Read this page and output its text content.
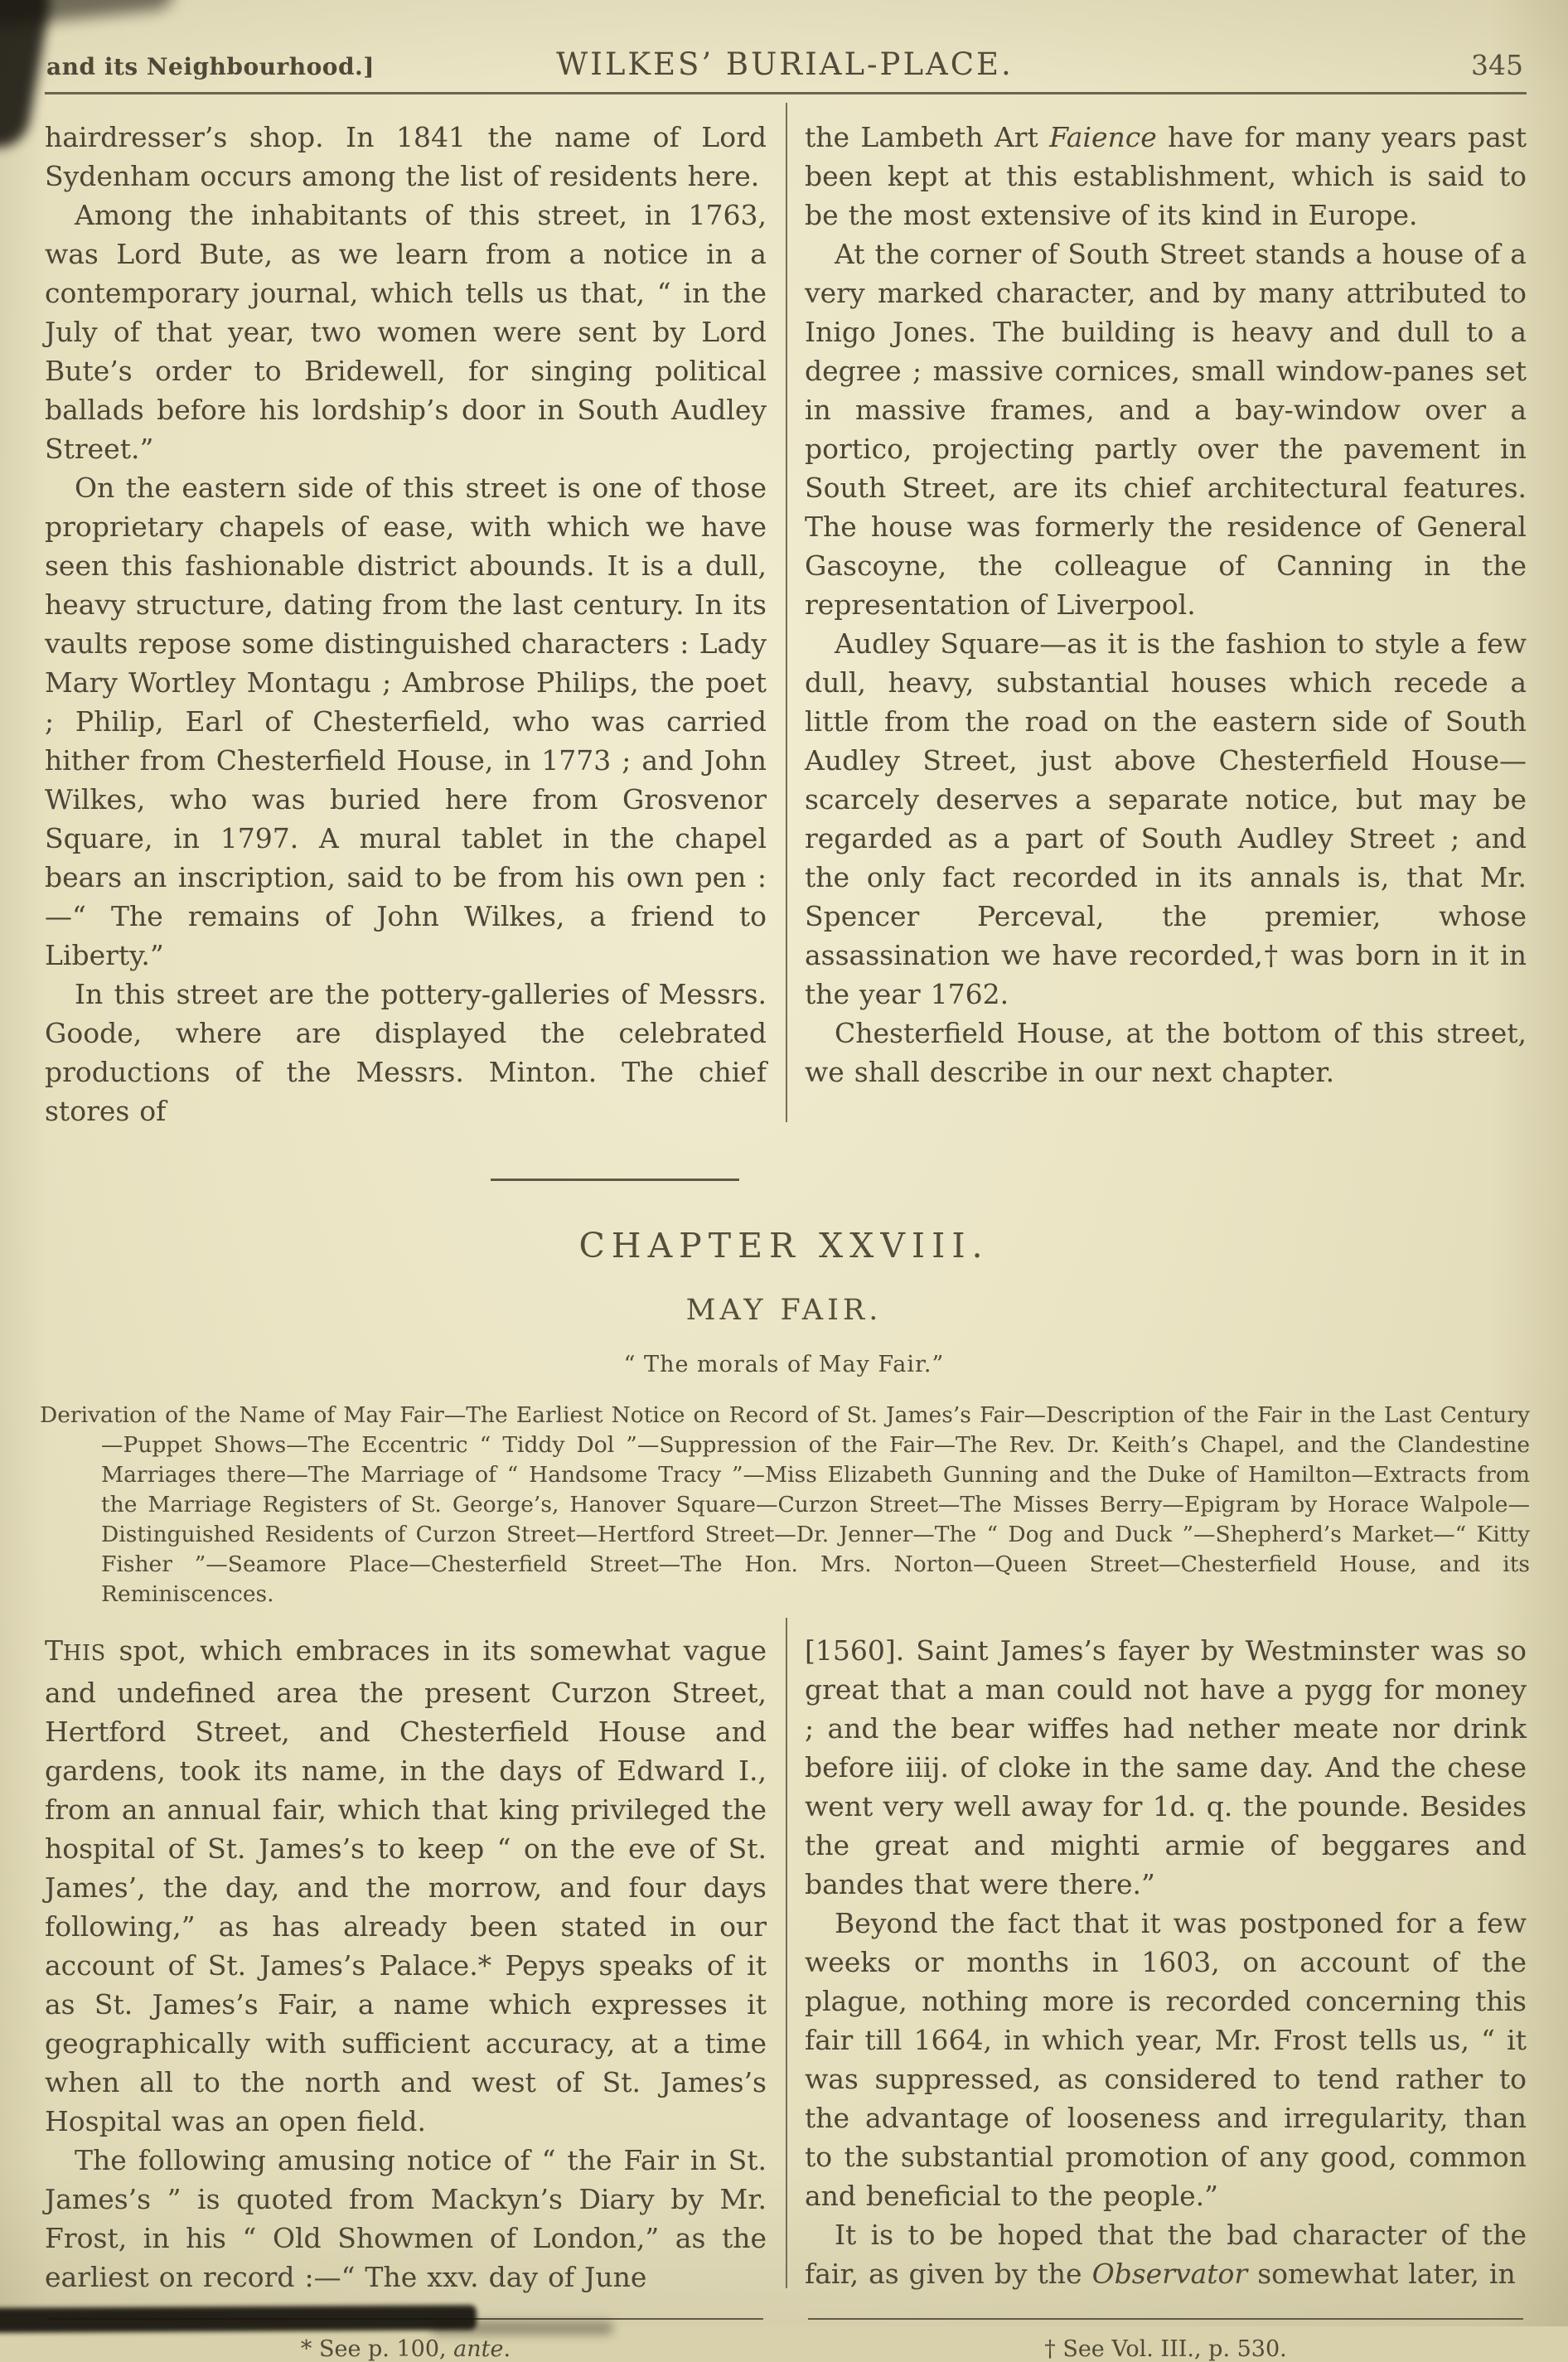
and its Neighbourhood.]	WILKES’ BURIAL-PLACE.	345

hairdresser’s shop. In 1841 the name of Lord Sydenham occurs among the list of residents here.

Among the inhabitants of this street, in 1763, was Lord Bute, as we learn from a notice in a contemporary journal, which tells us that, “ in the July of that year, two women were sent by Lord Bute’s order to Bridewell, for singing political ballads before his lordship’s door in South Audley Street.”

On the eastern side of this street is one of those proprietary chapels of ease, with which we have seen this fashionable district abounds. It is a dull, heavy structure, dating from the last century. In its vaults repose some distinguished characters : Lady Mary Wortley Montagu ; Ambrose Philips, the poet ; Philip, Earl of Chesterfield, who was carried hither from Chesterfield House, in 1773 ; and John Wilkes, who was buried here from Grosvenor Square, in 1797. A mural tablet in the chapel bears an inscription, said to be from his own pen :—“ The remains of John Wilkes, a friend to Liberty.”

In this street are the pottery-galleries of Messrs. Goode, where are displayed the celebrated productions of the Messrs. Minton. The chief stores of

the Lambeth Art Faience have for many years past been kept at this establishment, which is said to be the most extensive of its kind in Europe.

At the corner of South Street stands a house of a very marked character, and by many attributed to Inigo Jones. The building is heavy and dull to a degree ; massive cornices, small window-panes set in massive frames, and a bay-window over a portico, projecting partly over the pavement in South Street, are its chief architectural features. The house was formerly the residence of General Gascoyne, the colleague of Canning in the representation of Liverpool.

Audley Square—as it is the fashion to style a few dull, heavy, substantial houses which recede a little from the road on the eastern side of South Audley Street, just above Chesterfield House—scarcely deserves a separate notice, but may be regarded as a part of South Audley Street ; and the only fact recorded in its annals is, that Mr. Spencer Perceval, the premier, whose assassination we have recorded,† was born in it in the year 1762.

Chesterfield House, at the bottom of this street, we shall describe in our next chapter.

CHAPTER XXVIII.
MAY FAIR.
“ The morals of May Fair.”

Derivation of the Name of May Fair—The Earliest Notice on Record of St. James’s Fair—Description of the Fair in the Last Century—Puppet Shows—The Eccentric “ Tiddy Dol ”—Suppression of the Fair—The Rev. Dr. Keith’s Chapel, and the Clandestine Marriages there—The Marriage of “ Handsome Tracy ”—Miss Elizabeth Gunning and the Duke of Hamilton—Extracts from the Marriage Registers of St. George’s, Hanover Square—Curzon Street—The Misses Berry—Epigram by Horace Walpole—Distinguished Residents of Curzon Street—Hertford Street—Dr. Jenner—The “ Dog and Duck ”—Shepherd’s Market—“ Kitty Fisher ”—Seamore Place—Chesterfield Street—The Hon. Mrs. Norton—Queen Street—Chesterfield House, and its Reminiscences.

THIS spot, which embraces in its somewhat vague and undefined area the present Curzon Street, Hertford Street, and Chesterfield House and gardens, took its name, in the days of Edward I., from an annual fair, which that king privileged the hospital of St. James’s to keep “ on the eve of St. James’, the day, and the morrow, and four days following,” as has already been stated in our account of St. James’s Palace.* Pepys speaks of it as St. James’s Fair, a name which expresses it geographically with sufficient accuracy, at a time when all to the north and west of St. James’s Hospital was an open field.

The following amusing notice of “ the Fair in St. James’s ” is quoted from Mackyn’s Diary by Mr. Frost, in his “ Old Showmen of London,” as the earliest on record :—“ The xxv. day of June

[1560]. Saint James’s fayer by Westminster was so great that a man could not have a pygg for money ; and the bear wiffes had nether meate nor drink before iiij. of cloke in the same day. And the chese went very well away for 1d. q. the pounde. Besides the great and mighti armie of beggares and bandes that were there.”

Beyond the fact that it was postponed for a few weeks or months in 1603, on account of the plague, nothing more is recorded concerning this fair till 1664, in which year, Mr. Frost tells us, “ it was suppressed, as considered to tend rather to the advantage of looseness and irregularity, than to the substantial promotion of any good, common and beneficial to the people.”

It is to be hoped that the bad character of the fair, as given by the Observator somewhat later, in

* See p. 100, ante.	† See Vol. III., p. 530.
